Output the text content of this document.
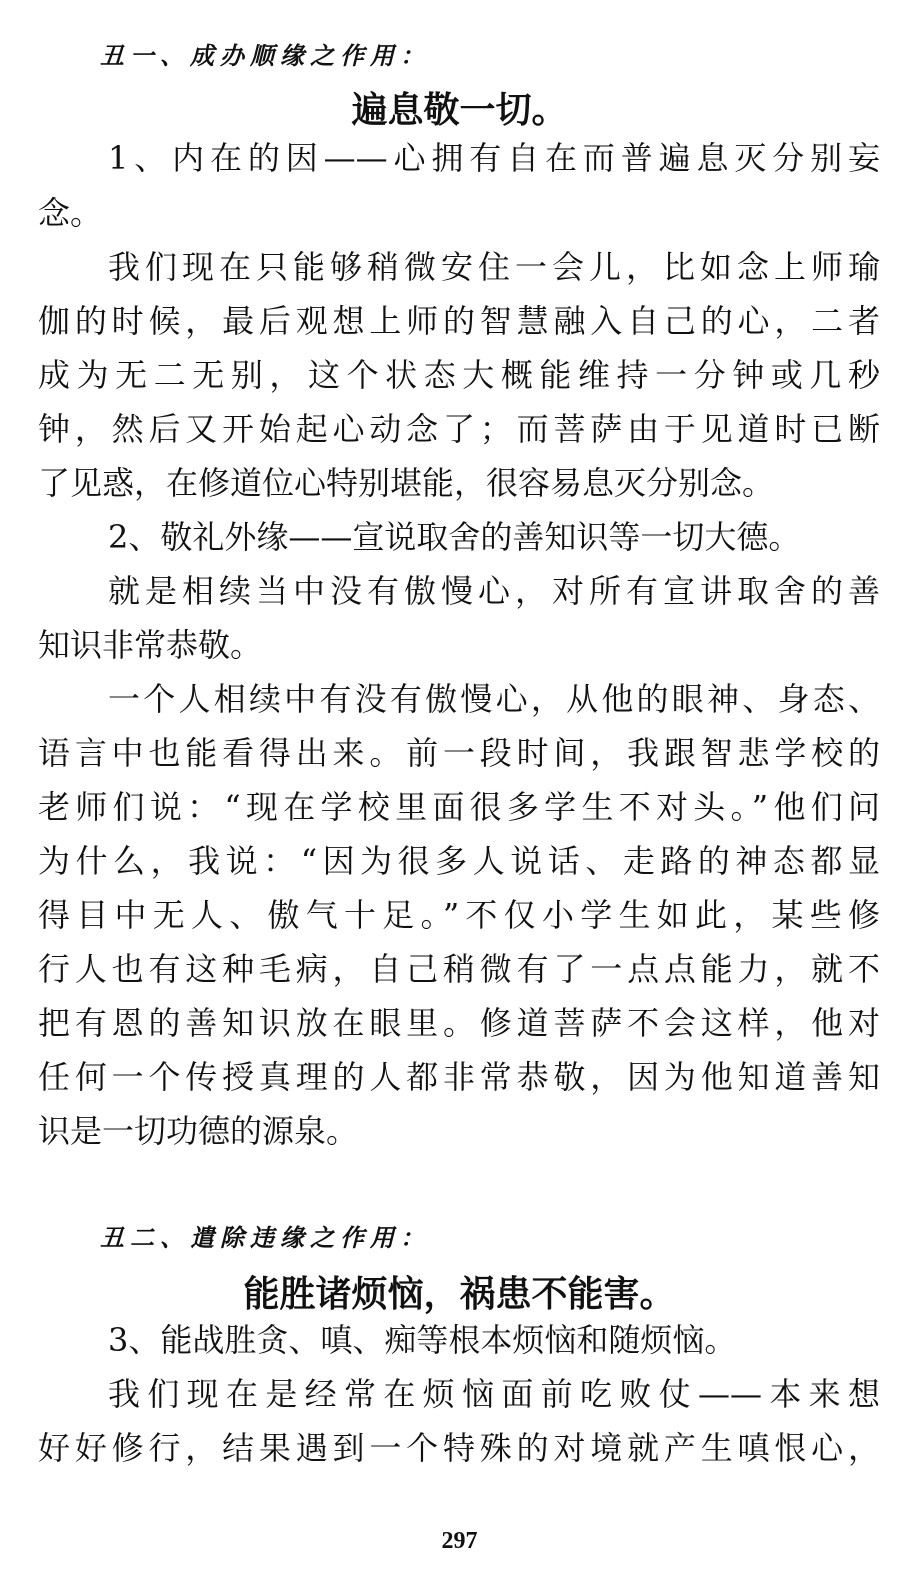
丑一、成办顺缘之作用：
遍息敬一切。
1、内在的因——心拥有自在而普遍息灭分别妄
念。
我们现在只能够稍微安住一会儿，比如念上师瑜
伽的时候，最后观想上师的智慧融入自己的心，二者
成为无二无别，这个状态大概能维持一分钟或几秒
钟，然后又开始起心动念了；而菩萨由于见道时已断
了见惑，在修道位心特别堪能，很容易息灭分别念。
2、敬礼外缘——宣说取舍的善知识等一切大德。
就是相续当中没有傲慢心，对所有宣讲取舍的善
知识非常恭敬。
一个人相续中有没有傲慢心，从他的眼神、身态、
语言中也能看得出来。前一段时间，我跟智悲学校的
老师们说：“现在学校里面很多学生不对头。”他们问
为什么，我说：“因为很多人说话、走路的神态都显
得目中无人、傲气十足。”不仅小学生如此，某些修
行人也有这种毛病，自己稍微有了一点点能力，就不
把有恩的善知识放在眼里。修道菩萨不会这样，他对
任何一个传授真理的人都非常恭敬，因为他知道善知
识是一切功德的源泉。
丑二、遣除违缘之作用：
能胜诸烦恼，祸患不能害。
3、能战胜贪、嗔、痴等根本烦恼和随烦恼。
我们现在是经常在烦恼面前吃败仗——本来想
好好修行，结果遇到一个特殊的对境就产生嗔恨心，
297
